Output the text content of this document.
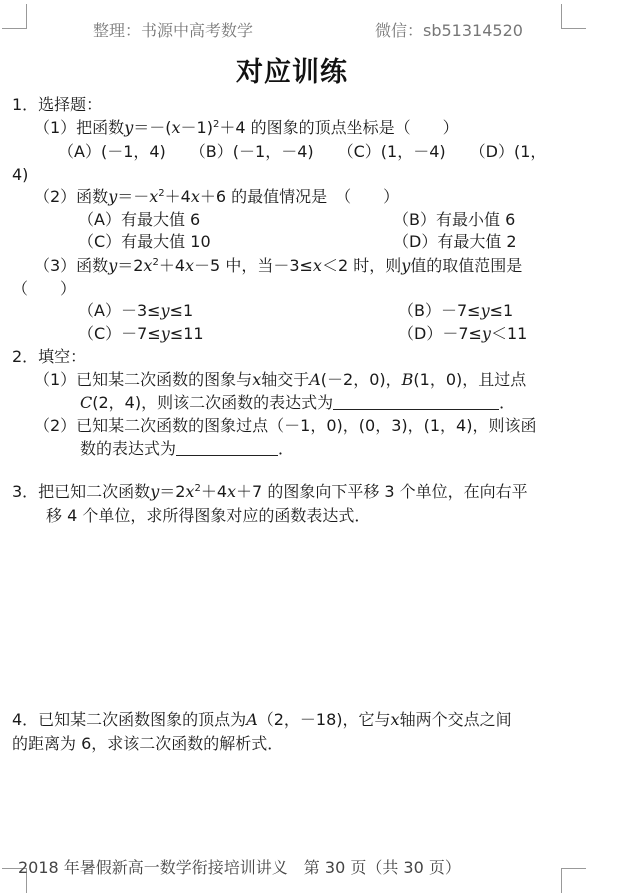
整理：书源中高考数学	微信：sb51314520
对应训练
1．选择题：
（1）把函数$y=-(x-1)^2+4$ 的图象的顶点坐标是（　　）
（A）(－1，4)　　（B）(－1，－4)　　（C）(1，－4)　　（D）(1，
4)
（2）函数$y=-x^2+4x+6$ 的最值情况是　（　　）
（A）有最大值 6	（B）有最小值 6
（C）有最大值 10	（D）有最大值 2
（3）函数$y=2x^2+4x-5$ 中，当－3≤x＜2 时，则y值的取值范围是
（　　）
（A）－3≤y≤1	（B）－7≤y≤1
（C）－7≤y≤11	（D）－7≤y＜11
2．填空：
（1）已知某二次函数的图象与x轴交于A(－2，0)，B(1，0)，且过点
C(2，4)，则该二次函数的表达式为	．
（2）已知某二次函数的图象过点（－1，0)，(0，3)，(1，4)，则该函
数的表达式为	．
3．把已知二次函数$y=2x^2+4x+7$ 的图象向下平移 3 个单位，在向右平
移 4 个单位，求所得图象对应的函数表达式．
4．已知某二次函数图象的顶点为A（2，－18)，它与x轴两个交点之间
的距离为 6，求该二次函数的解析式．
2018 年暑假新高一数学衔接培训讲义　第 30 页（共 30 页）
